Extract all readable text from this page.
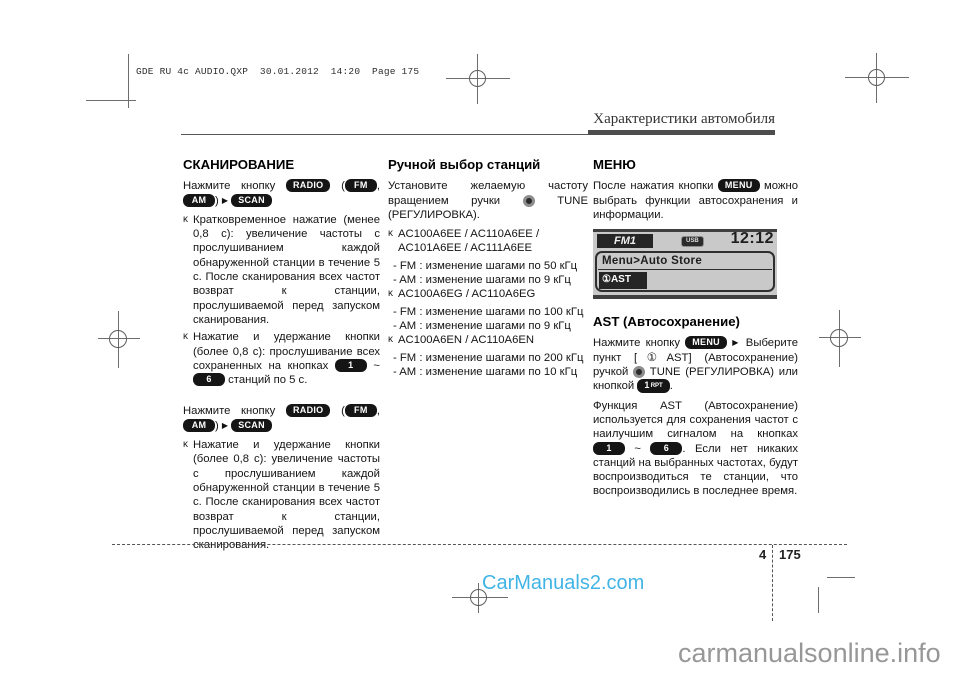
GDE RU 4c AUDIO.QXP  30.01.2012  14:20  Page 175
Характеристики автомобиля
СКАНИРОВАНИЕ
Нажмите кнопку RADIO ( FM , AM ) ▶ SCAN
ĸ Кратковременное нажатие (менее 0,8 с): увеличение частоты с прослушиванием каждой обнаруженной станции в течение 5 с. После сканирования всех частот возврат к станции, прослушиваемой перед запуском сканирования.
ĸ Нажатие и удержание кнопки (более 0,8 с): прослушивание всех сохраненных на кнопках 1 ~ 6 станций по 5 с.
Нажмите кнопку RADIO ( FM , AM ) ▶ SCAN
ĸ Нажатие и удержание кнопки (более 0,8 с): увеличение частоты с прослушиванием каждой обнаруженной станции в течение 5 с. После сканирования всех частот возврат к станции, прослушиваемой перед запуском сканирования.
Ручной выбор станций
Установите желаемую частоту вращением ручки  TUNE (РЕГУЛИРОВКА).
ĸ AC100A6EE / AC110A6EE /
AC101A6EE / AC111A6EE
- FM : изменение шагами по 50 кГц
- AM : изменение шагами по 9 кГц
ĸ AC100A6EG / AC110A6EG
- FM : изменение шагами по 100 кГц
- AM : изменение шагами по 9 кГц
ĸ AC100A6EN / AC110A6EN
- FM : изменение шагами по 200 кГц
- AM : изменение шагами по 10 кГц
МЕНЮ
После нажатия кнопки MENU можно выбрать функции автосохранения и информации.
FM1	USB	12:12
Menu>Auto Store
①AST
AST (Автосохранение)
Нажмите кнопку MENU ▶ Выберите пункт [①AST] (Автосохранение) ручкой  TUNE (РЕГУЛИРОВКА) или кнопкой 1RPT .
Функция AST (Автосохранение) используется для сохранения частот с наилучшим сигналом на кнопках 1 ~ 6 . Если нет никаких станций на выбранных частотах, будут воспроизводиться те станции, что воспроизводились в последнее время.
4 175
CarManuals2.com
carmanualsonline.info
